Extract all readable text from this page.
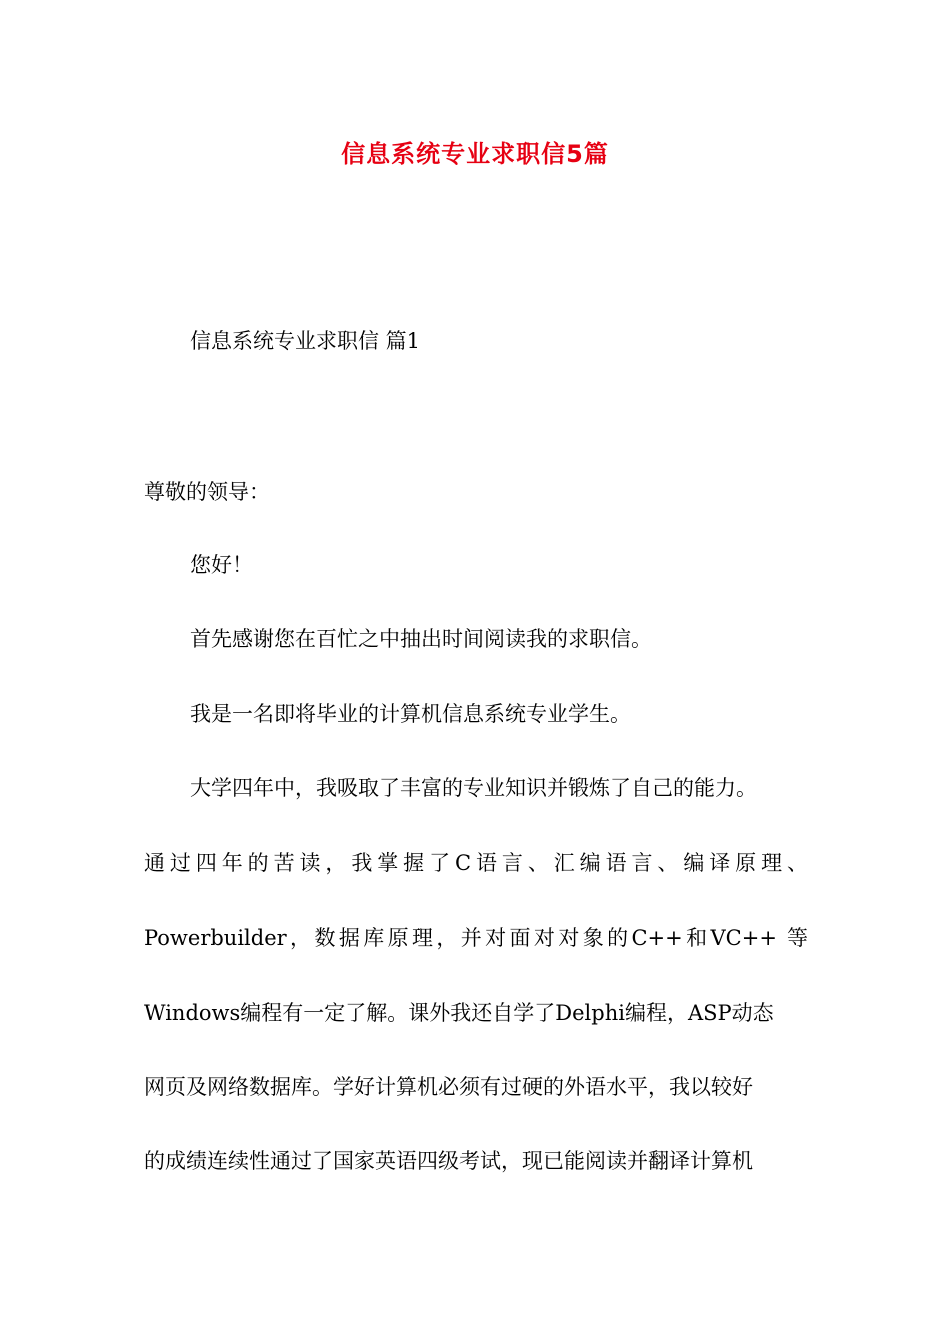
信息系统专业求职信5篇
信息系统专业求职信 篇1
尊敬的领导：
您好！
首先感谢您在百忙之中抽出时间阅读我的求职信。
我是一名即将毕业的计算机信息系统专业学生。
大学四年中，我吸取了丰富的专业知识并锻炼了自己的能力。
通过四年的苦读，我掌握了C语言、汇编语言、编译原理、
Powerbuilder，数据库原理，并对面对对象的C++和VC++ 等
Windows编程有一定了解。课外我还自学了Delphi编程，ASP动态
网页及网络数据库。学好计算机必须有过硬的外语水平，我以较好
的成绩连续性通过了国家英语四级考试，现已能阅读并翻译计算机
